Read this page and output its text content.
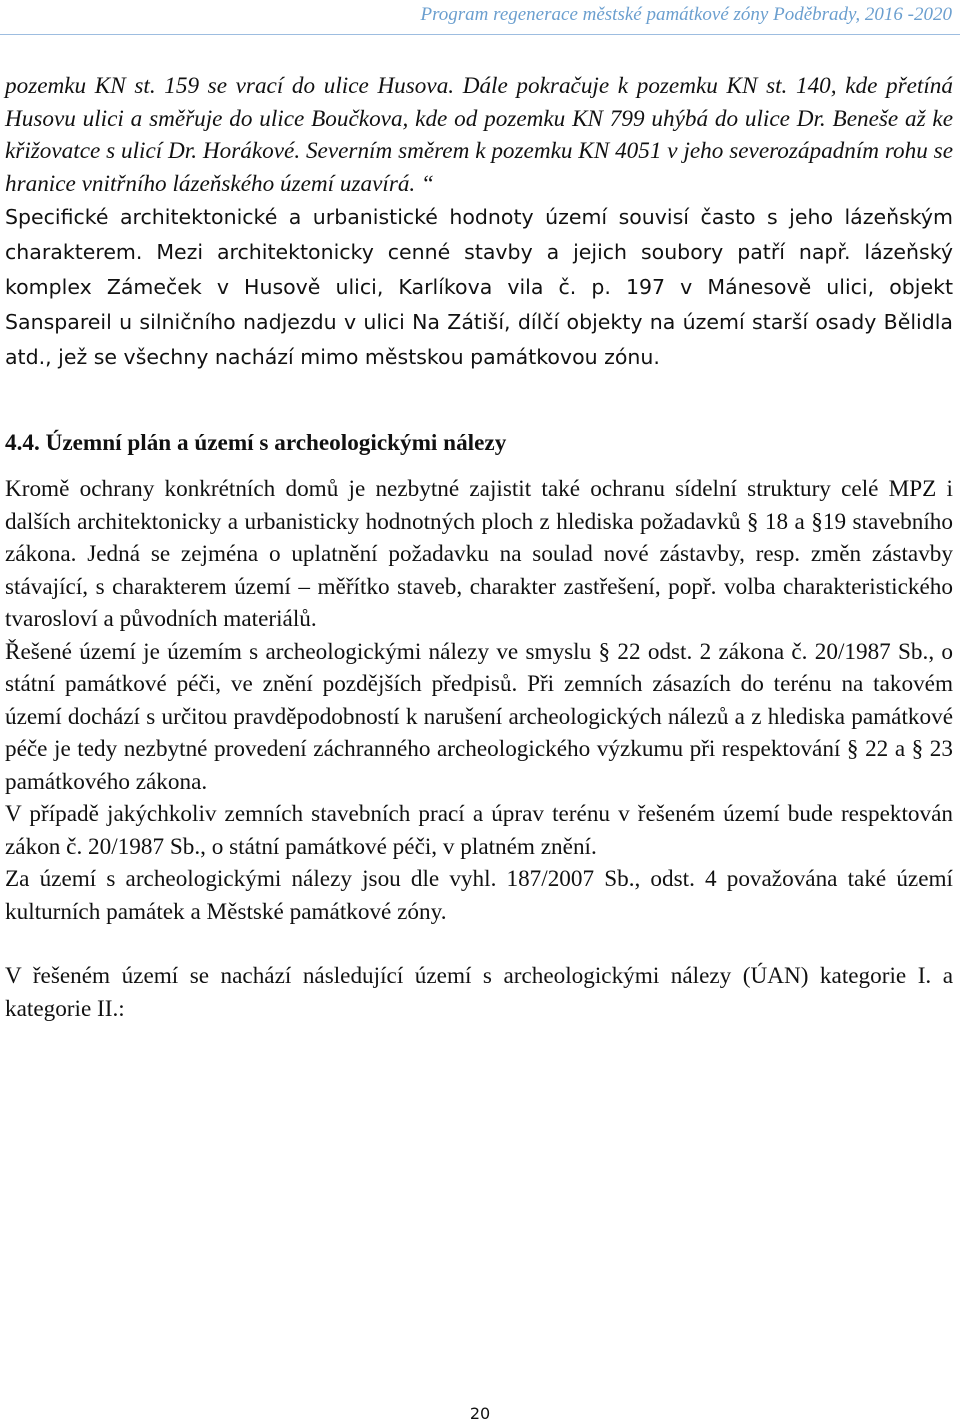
Program regenerace městské památkové zóny Poděbrady, 2016 -2020

pozemku KN st. 159 se vrací do ulice Husova. Dále pokračuje k pozemku KN st. 140, kde přetíná Husovu ulici a směřuje do ulice Boučkova, kde od pozemku KN 799 uhýbá do ulice Dr. Beneše až ke křižovatce s ulicí Dr. Horákové. Severním směrem k pozemku KN 4051 v jeho severozápadním rohu se hranice vnitřního lázeňského území uzavírá. “

Specifické architektonické a urbanistické hodnoty území souvisí často s jeho lázeňským charakterem. Mezi architektonicky cenné stavby a jejich soubory patří např. lázeňský komplex Zámeček v Husově ulici, Karlíkova vila č. p. 197 v Mánesově ulici, objekt Sanspareil u silničního nadjezdu v ulici Na Zátiší, dílčí objekty na území starší osady Bělidla atd., jež se všechny nachází mimo městskou památkovou zónu.

4.4. Územní plán a území s archeologickými nálezy

Kromě ochrany konkrétních domů je nezbytné zajistit také ochranu sídelní struktury celé MPZ i dalších architektonicky a urbanisticky hodnotných ploch z hlediska požadavků § 18 a §19 stavebního zákona. Jedná se zejména o uplatnění požadavku na soulad nové zástavby, resp. změn zástavby stávající, s charakterem území – měřítko staveb, charakter zastřešení, popř. volba charakteristického tvarosloví a původních materiálů.

Řešené území je územím s archeologickými nálezy ve smyslu § 22 odst. 2 zákona č. 20/1987 Sb., o státní památkové péči, ve znění pozdějších předpisů. Při zemních zásazích do terénu na takovém území dochází s určitou pravděpodobností k narušení archeologických nálezů a z hlediska památkové péče je tedy nezbytné provedení záchranného archeologického výzkumu při respektování § 22 a § 23 památkového zákona.

V případě jakýchkoliv zemních stavebních prací a úprav terénu v řešeném území bude respektován zákon č. 20/1987 Sb., o státní památkové péči, v platném znění.

Za území s archeologickými nálezy jsou dle vyhl. 187/2007 Sb., odst. 4 považována také území kulturních památek a Městské památkové zóny.

V řešeném území se nachází následující území s archeologickými nálezy (ÚAN) kategorie I. a kategorie II.:

20
